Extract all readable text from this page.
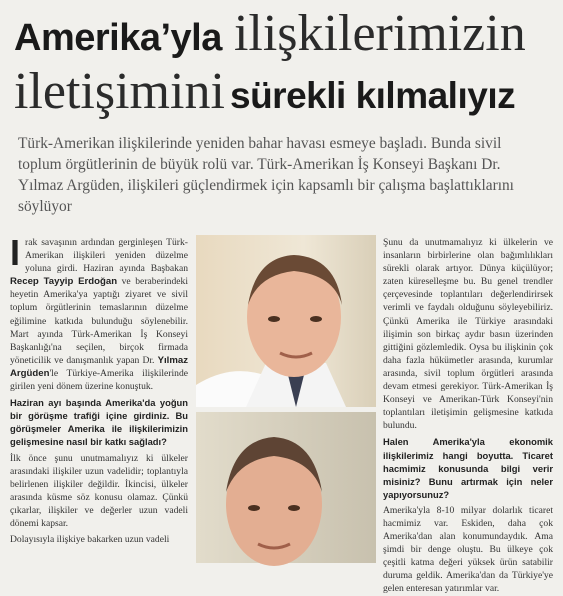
Amerika’yla ilişkilerimizin
iletişimini sürekli kılmalıyız
Türk-Amerikan ilişkilerinde yeniden bahar havası esmeye başladı. Bunda sivil toplum örgütlerinin de büyük rolü var. Türk-Amerikan İş Konseyi Başkanı Dr. Yılmaz Argüden, ilişkileri güçlendirmek için kapsamlı bir çalışma başlattıklarını söylüyor

Irak savaşının ardından gerginleşen Türk-Amerikan ilişkileri yeniden düzelme yoluna girdi. Haziran ayında Başbakan Recep Tayyip Erdoğan ve beraberindeki heyetin Amerika'ya yaptığı ziyaret ve sivil toplum örgütlerinin temaslarının düzelme eğilimine katkıda bulunduğu söylenebilir. Mart ayında Türk-Amerikan İş Konseyi Başkanlığı'na seçilen, birçok firmada yöneticilik ve danışmanlık yapan Dr. Yılmaz Argüden'le Türkiye-Amerika ilişkilerinde girilen yeni dönem üzerine konuştuk.

Haziran ayı başında Amerika'da yoğun bir görüşme trafiği içine girdiniz. Bu görüşmeler Amerika ile ilişkilerimizin gelişmesine nasıl bir katkı sağladı?

İlk önce şunu unutmamalıyız ki ülkeler arasındaki ilişkiler uzun vadelidir; toplantıyla belirlenen ilişkiler değildir. İkincisi, ülkeler arasında küsme söz konusu olamaz. Çünkü çıkarlar, ilişkiler ve değerler uzun vadeli dönemi kapsar.

Dolayısıyla ilişkiye bakarken uzun vadeli

Şunu da unutmamalıyız ki ülkelerin ve insanların birbirlerine olan bağımlılıkları sürekli olarak artıyor. Dünya küçülüyor; zaten küreselleşme bu. Bu genel trendler çerçevesinde toplantıları değerlendirirsek verimli ve faydalı olduğunu söyleyebiliriz. Çünkü Amerika ile Türkiye arasındaki ilişimin son birkaç aydır basın üzerinden gittiğini gözlemledik. Oysa bu ilişkinin çok daha fazla hükümetler arasında, kurumlar arasında, sivil toplum örgütleri arasında devam etmesi gerekiyor. Türk-Amerikan İş Konseyi ve Amerikan-Türk Konseyi'nin toplantıları iletişimin gelişmesine katkıda bulundu.

Halen Amerika'yla ekonomik ilişkilerimiz hangi boyutta. Ticaret hacmimiz konusunda bilgi verir misiniz? Bunu artırmak için neler yapıyorsunuz?

Amerika'yla 8-10 milyar dolarlık ticaret hacmimiz var. Eskiden, daha çok Amerika'dan alan konumundaydık. Ama şimdi bir denge oluştu. Bu ülkeye çok çeşitli katma değeri yüksek ürün satabilir duruma geldik. Amerika'dan da Türkiye'ye gelen enteresan yatırımlar var.
